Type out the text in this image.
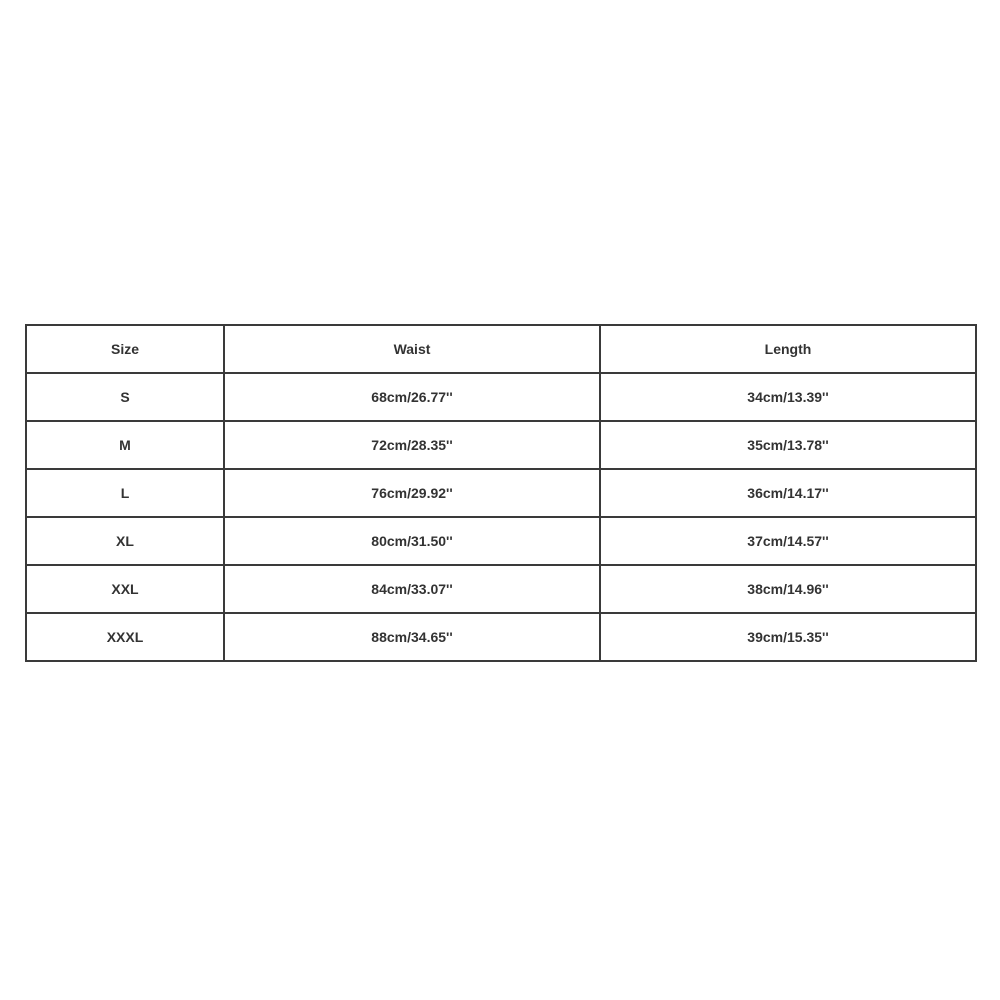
Size	Waist	Length
S	68cm/26.77''	34cm/13.39''
M	72cm/28.35''	35cm/13.78''
L	76cm/29.92''	36cm/14.17''
XL	80cm/31.50''	37cm/14.57''
XXL	84cm/33.07''	38cm/14.96''
XXXL	88cm/34.65''	39cm/15.35''
